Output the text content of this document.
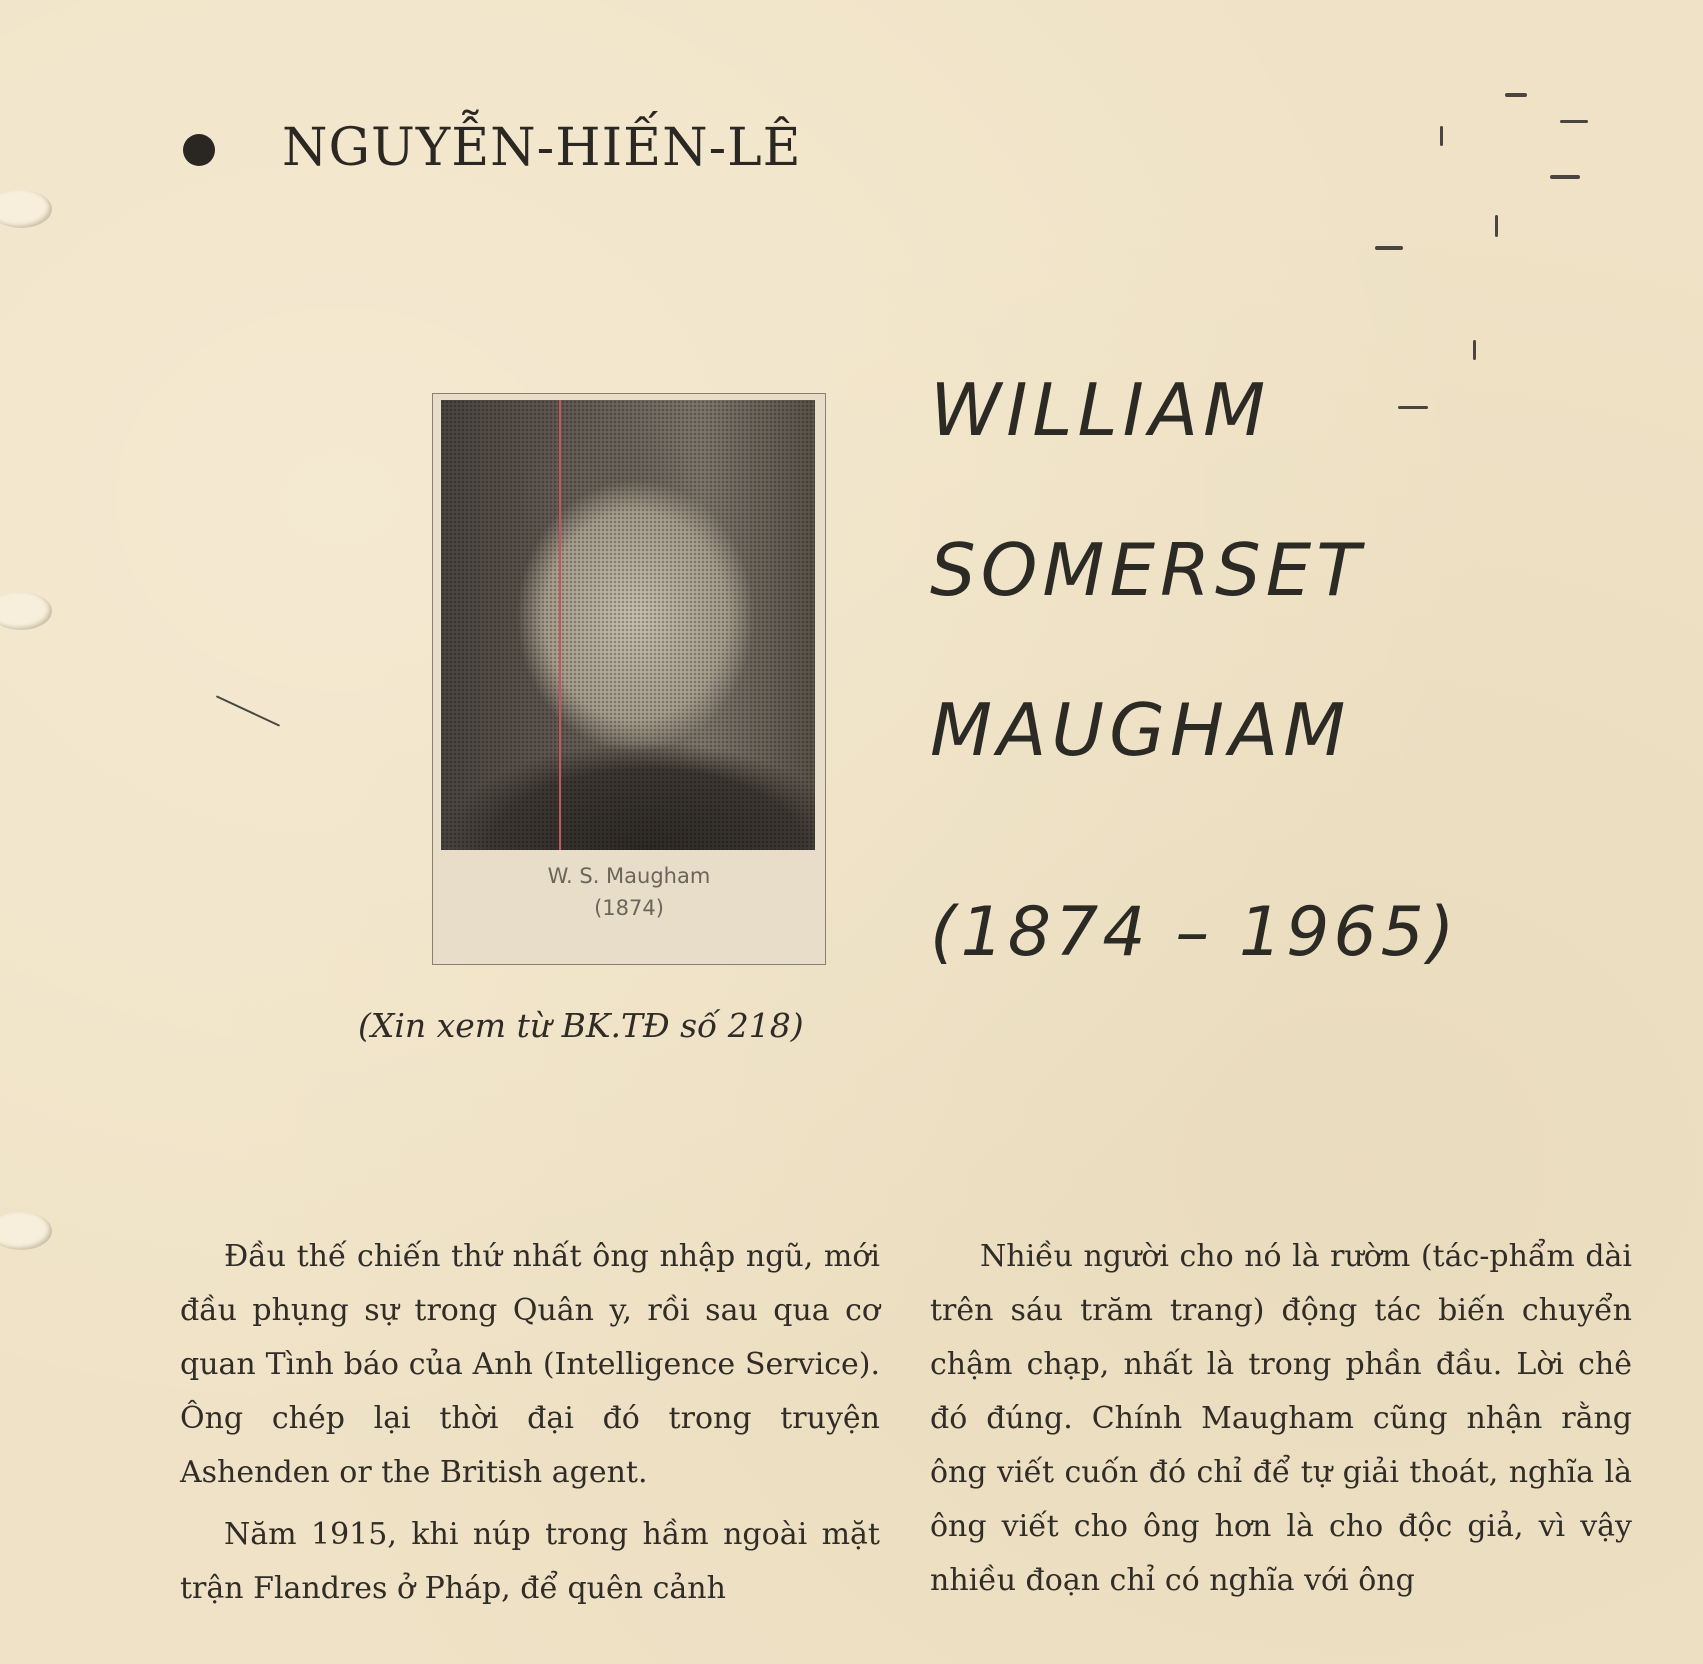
NGUYỄN-HIẾN-LÊ
W. S. Maugham
(1874)
(Xin xem từ BK.TĐ số 218)
WILLIAM
SOMERSET
MAUGHAM
(1874 – 1965)

Đầu thế chiến thứ nhất ông nhập ngũ, mới đầu phụng sự trong Quân y, rồi sau qua cơ quan Tình báo của Anh (Intelligence Service). Ông chép lại thời đại đó trong truyện Ashenden or the British agent.

Năm 1915, khi núp trong hầm ngoài mặt trận Flandres ở Pháp, để quên cảnh

Nhiều người cho nó là rườm (tác-phẩm dài trên sáu trăm trang) động tác biến chuyển chậm chạp, nhất là trong phần đầu. Lời chê đó đúng. Chính Maugham cũng nhận rằng ông viết cuốn đó chỉ để tự giải thoát, nghĩa là ông viết cho ông hơn là cho độc giả, vì vậy nhiều đoạn chỉ có nghĩa với ông
